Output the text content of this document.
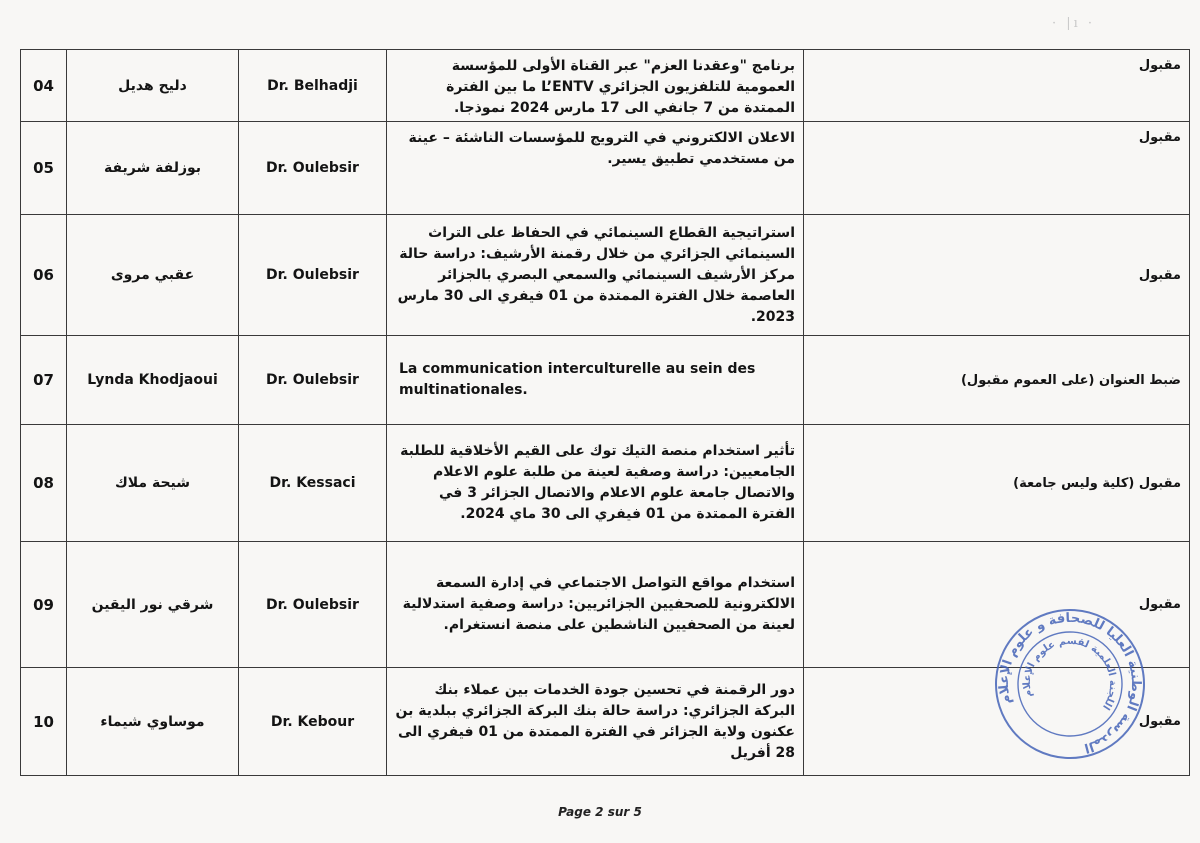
· |ı ·
04	دليح هديل	Dr. Belhadji	برنامج "وعقدنا العزم" عبر القناة الأولى للمؤسسة العمومية للتلفزيون الجزائري L’ENTV ما بين الفترة الممتدة من 7 جانفي الى 17 مارس 2024 نموذجا.	مقبول
05	بوزلفة شريفة	Dr. Oulebsir	الاعلان الالكتروني في الترويج للمؤسسات الناشئة – عينة من مستخدمي تطبيق يسير.	مقبول
06	عقبي مروى	Dr. Oulebsir	استراتيجية القطاع السينمائي في الحفاظ على التراث السينمائي الجزائري من خلال رقمنة الأرشيف: دراسة حالة مركز الأرشيف السينمائي والسمعي البصري بالجزائر العاصمة خلال الفترة الممتدة من 01 فيفري الى 30 مارس 2023.	مقبول
07	Lynda Khodjaoui	Dr. Oulebsir	La communication interculturelle au sein des multinationales.	ضبط العنوان (على العموم مقبول)
08	شيحة ملاك	Dr. Kessaci	تأثير استخدام منصة التيك توك على القيم الأخلاقية للطلبة الجامعيين: دراسة وصفية لعينة من طلبة علوم الاعلام والاتصال جامعة علوم الاعلام والاتصال الجزائر 3 في الفترة الممتدة من 01 فيفري الى 30 ماي 2024.	مقبول (كلية وليس جامعة)
09	شرقي نور اليقين	Dr. Oulebsir	استخدام مواقع التواصل الاجتماعي في إدارة السمعة الالكترونية للصحفيين الجزائريين: دراسة وصفية استدلالية لعينة من الصحفيين الناشطين على منصة انستغرام.	مقبول
10	موساوي شيماء	Dr. Kebour	دور الرقمنة في تحسين جودة الخدمات بين عملاء بنك البركة الجزائري: دراسة حالة بنك البركة الجزائري ببلدية بن عكنون ولاية الجزائر في الفترة الممتدة من 01 فيفري الى 28 أفريل	مقبول
Page 2 sur 5
المدرسة الوطنية العليا للصحافة و علوم الإعلام
اللجنة العلمية لقسم علوم الإعلام
